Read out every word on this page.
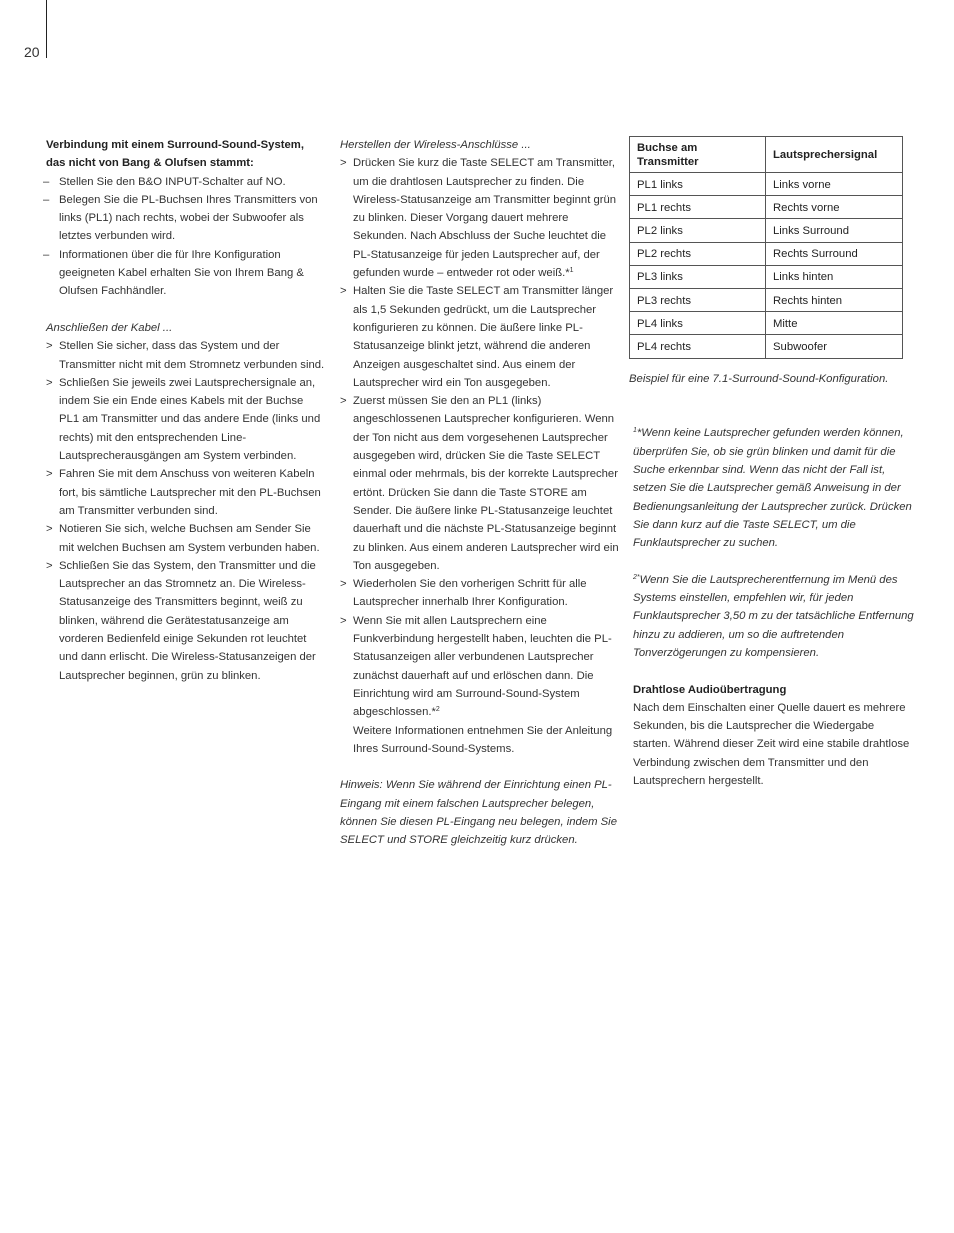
20

Verbindung mit einem Surround-Sound-System,
das nicht von Bang & Olufsen stammt:

– Stellen Sie den B&O INPUT-Schalter auf NO.
– Belegen Sie die PL-Buchsen Ihres Transmitters von links (PL1) nach rechts, wobei der Subwoofer als letztes verbunden wird.
– Informationen über die für Ihre Konfiguration geeigneten Kabel erhalten Sie von Ihrem Bang & Olufsen Fachhändler.

Anschließen der Kabel ...

> Stellen Sie sicher, dass das System und der Transmitter nicht mit dem Stromnetz verbunden sind.
> Schließen Sie jeweils zwei Lautsprechersignale an, indem Sie ein Ende eines Kabels mit der Buchse PL1 am Transmitter und das andere Ende (links und rechts) mit den entsprechenden Line-Lautsprecherausgängen am System verbinden.
> Fahren Sie mit dem Anschuss von weiteren Kabeln fort, bis sämtliche Lautsprecher mit den PL-Buchsen am Transmitter verbunden sind.
> Notieren Sie sich, welche Buchsen am Sender Sie mit welchen Buchsen am System verbunden haben.
> Schließen Sie das System, den Transmitter und die Lautsprecher an das Stromnetz an. Die Wireless-Statusanzeige des Transmitters beginnt, weiß zu blinken, während die Gerätestatusanzeige am vorderen Bedienfeld einige Sekunden rot leuchtet und dann erlischt. Die Wireless-Statusanzeigen der Lautsprecher beginnen, grün zu blinken.

Herstellen der Wireless-Anschlüsse ...

> Drücken Sie kurz die Taste SELECT am Transmitter, um die drahtlosen Lautsprecher zu finden. Die Wireless-Statusanzeige am Transmitter beginnt grün zu blinken. Dieser Vorgang dauert mehrere Sekunden. Nach Abschluss der Suche leuchtet die PL-Statusanzeige für jeden Lautsprecher auf, der gefunden wurde – entweder rot oder weiß.*$^1$
> Halten Sie die Taste SELECT am Transmitter länger als 1,5 Sekunden gedrückt, um die Lautsprecher konfigurieren zu können. Die äußere linke PL-Statusanzeige blinkt jetzt, während die anderen Anzeigen ausgeschaltet sind. Aus einem der Lautsprecher wird ein Ton ausgegeben.
> Zuerst müssen Sie den an PL1 (links) angeschlossenen Lautsprecher konfigurieren. Wenn der Ton nicht aus dem vorgesehenen Lautsprecher ausgegeben wird, drücken Sie die Taste SELECT einmal oder mehrmals, bis der korrekte Lautsprecher ertönt. Drücken Sie dann die Taste STORE am Sender. Die äußere linke PL-Statusanzeige leuchtet dauerhaft und die nächste PL-Statusanzeige beginnt zu blinken. Aus einem anderen Lautsprecher wird ein Ton ausgegeben.
> Wiederholen Sie den vorherigen Schritt für alle Lautsprecher innerhalb Ihrer Konfiguration.
> Wenn Sie mit allen Lautsprechern eine Funkverbindung hergestellt haben, leuchten die PL-Statusanzeigen aller verbundenen Lautsprecher zunächst dauerhaft auf und erlöschen dann. Die Einrichtung wird am Surround-Sound-System abgeschlossen.*$^2$
Weitere Informationen entnehmen Sie der Anleitung Ihres Surround-Sound-Systems.

Hinweis: Wenn Sie während der Einrichtung einen PL-Eingang mit einem falschen Lautsprecher belegen, können Sie diesen PL-Eingang neu belegen, indem Sie SELECT und STORE gleichzeitig kurz drücken.

Buchse am Transmitter	Lautsprechersignal
PL1 links	Links vorne
PL1 rechts	Rechts vorne
PL2 links	Links Surround
PL2 rechts	Rechts Surround
PL3 links	Links hinten
PL3 rechts	Rechts hinten
PL4 links	Mitte
PL4 rechts	Subwoofer

Beispiel für eine 7.1-Surround-Sound-Konfiguration.

$^1$*Wenn keine Lautsprecher gefunden werden können, überprüfen Sie, ob sie grün blinken und damit für die Suche erkennbar sind. Wenn das nicht der Fall ist, setzen Sie die Lautsprecher gemäß Anweisung in der Bedienungsanleitung der Lautsprecher zurück. Drücken Sie dann kurz auf die Taste SELECT, um die Funklautsprecher zu suchen.

$^{2*}$Wenn Sie die Lautsprecherentfernung im Menü des Systems einstellen, empfehlen wir, für jeden Funklautsprecher 3,50 m zu der tatsächliche Entfernung hinzu zu addieren, um so die auftretenden Tonverzögerungen zu kompensieren.

Drahtlose Audioübertragung

Nach dem Einschalten einer Quelle dauert es mehrere Sekunden, bis die Lautsprecher die Wiedergabe starten. Während dieser Zeit wird eine stabile drahtlose Verbindung zwischen dem Transmitter und den Lautsprechern hergestellt.
